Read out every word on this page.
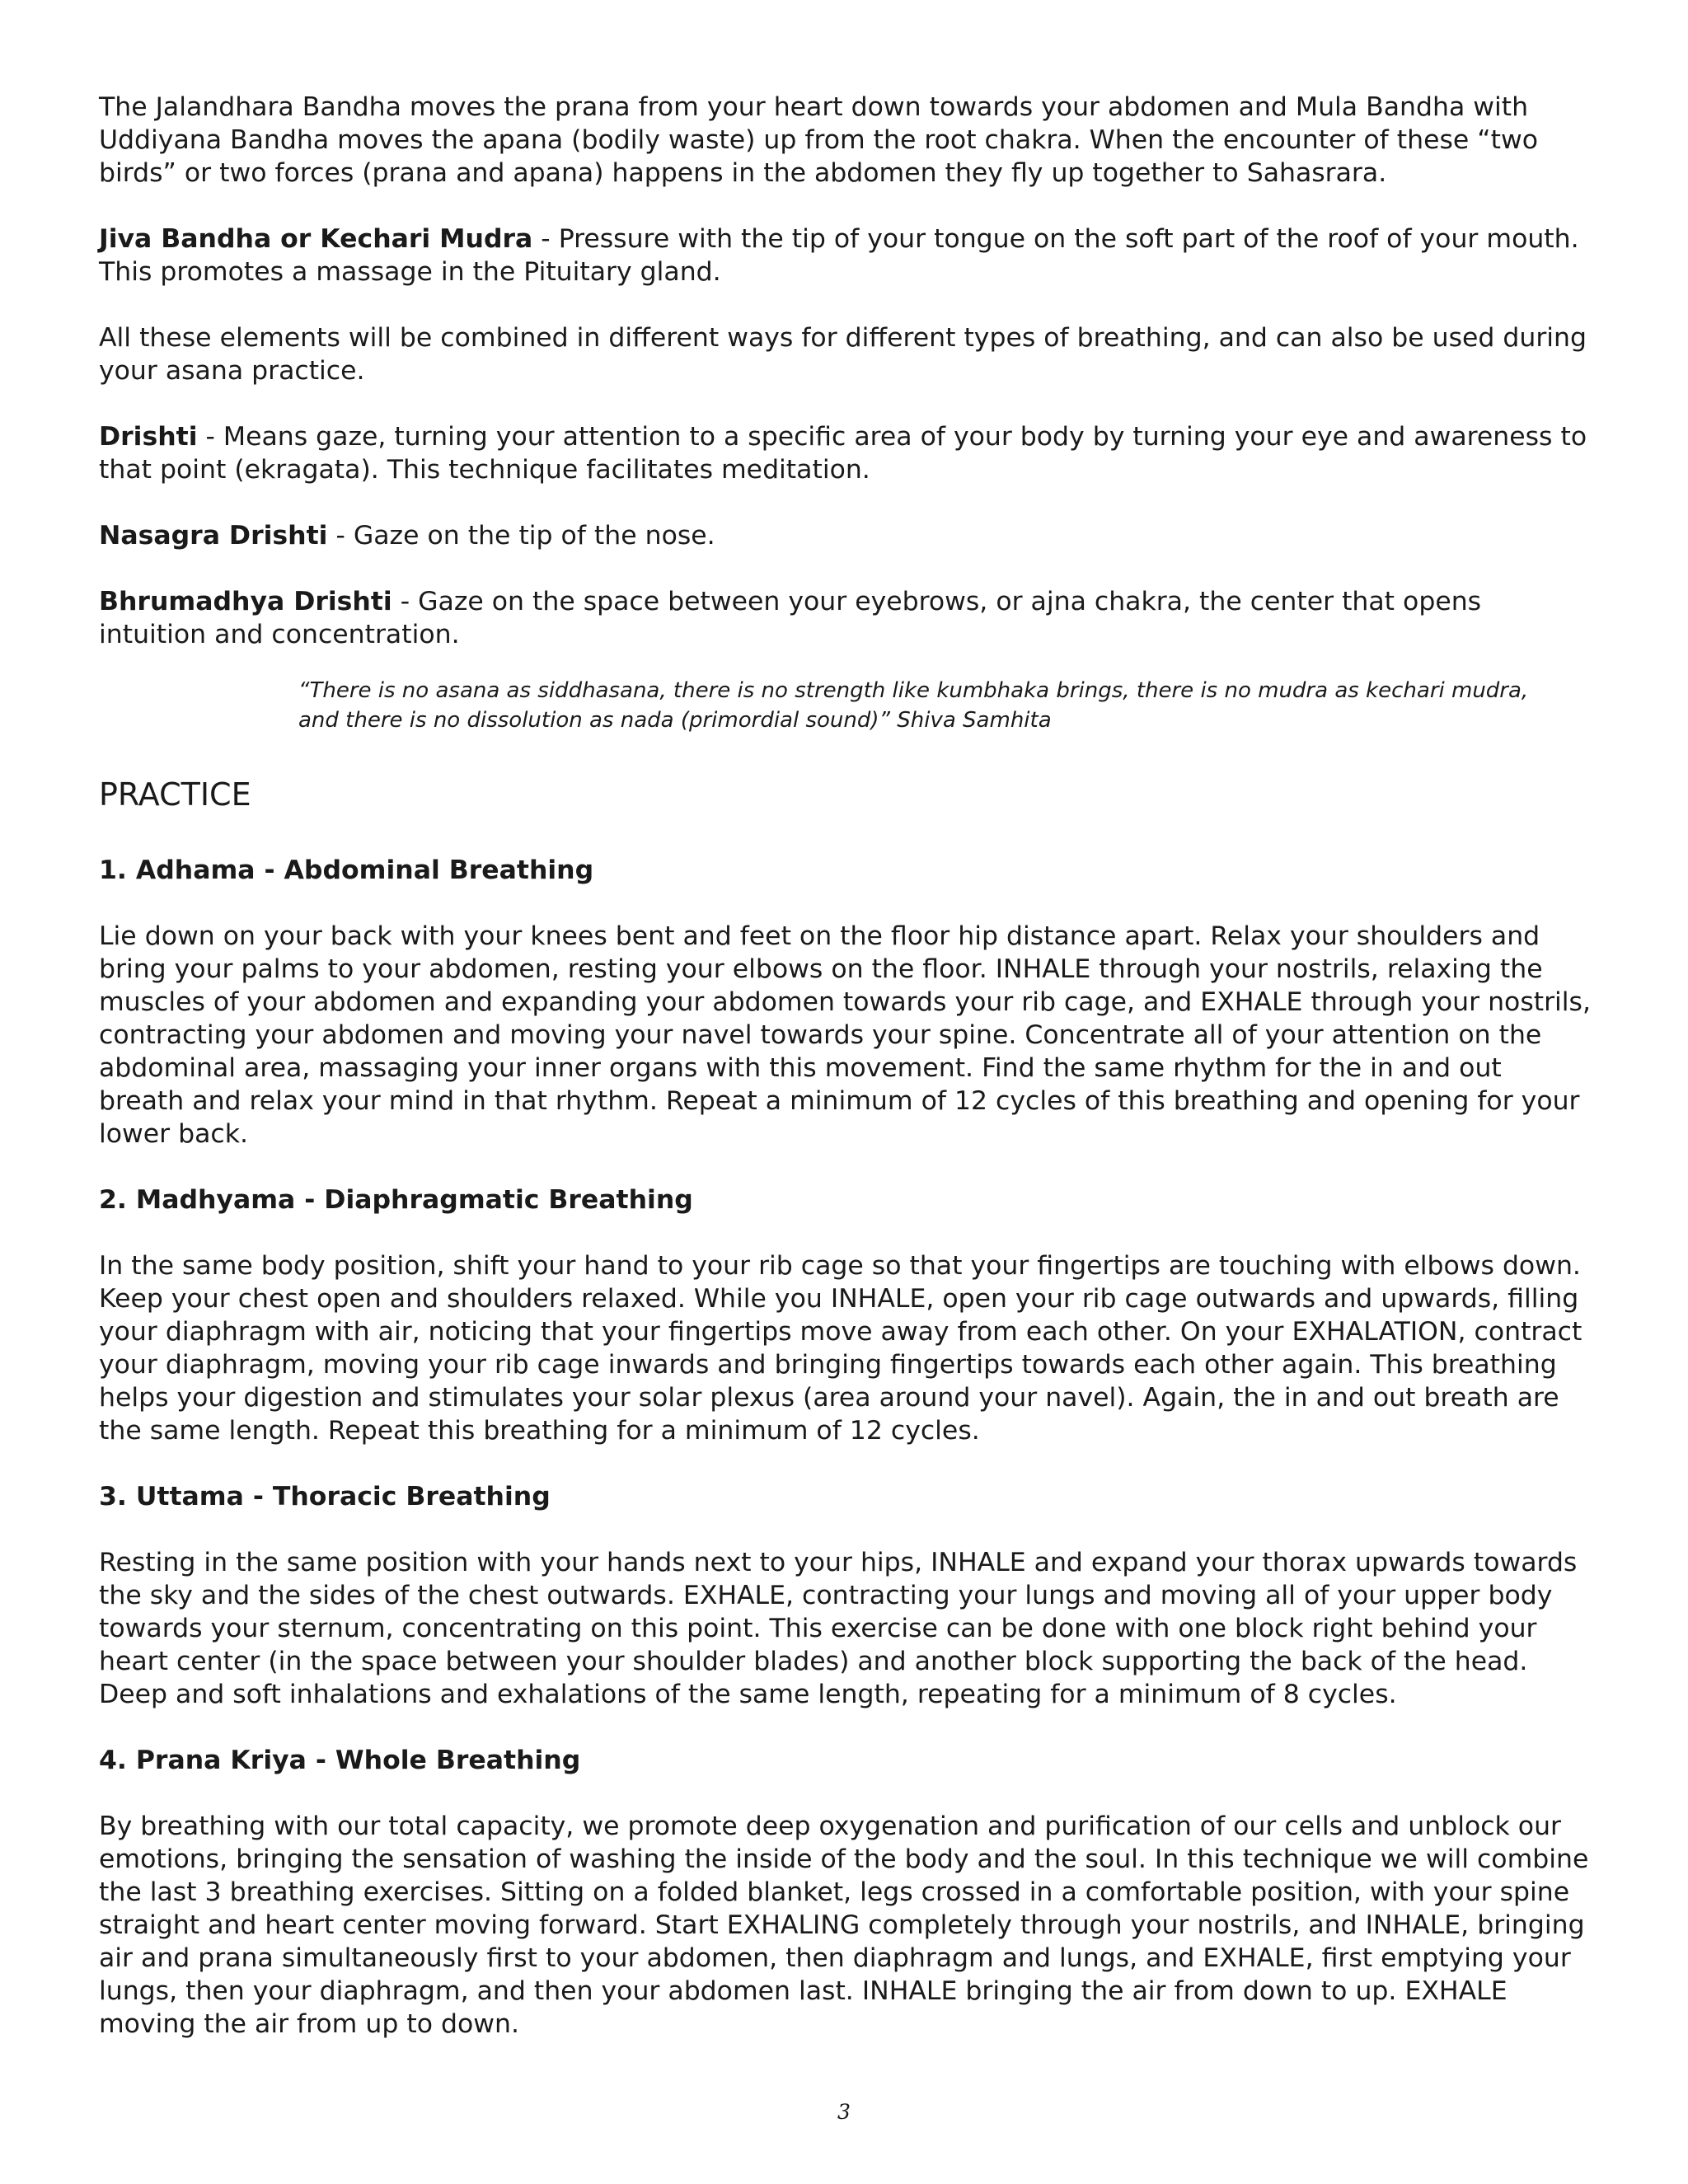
The Jalandhara Bandha moves the prana from your heart down towards your abdomen and Mula Bandha with Uddiyana Bandha moves the apana (bodily waste) up from the root chakra. When the encounter of these “two birds” or two forces (prana and apana) happens in the abdomen they fly up together to Sahasrara.

Jiva Bandha or Kechari Mudra - Pressure with the tip of your tongue on the soft part of the roof of your mouth. This promotes a massage in the Pituitary gland.

All these elements will be combined in different ways for different types of breathing, and can also be used during your asana practice.

Drishti - Means gaze, turning your attention to a specific area of your body by turning your eye and awareness to that point (ekragata). This technique facilitates meditation.

Nasagra Drishti - Gaze on the tip of the nose.

Bhrumadhya Drishti - Gaze on the space between your eyebrows, or ajna chakra, the center that opens intuition and concentration.

“There is no asana as siddhasana, there is no strength like kumbhaka brings, there is no mudra as kechari mudra, and there is no dissolution as nada (primordial sound)” Shiva Samhita

PRACTICE

1. Adhama - Abdominal Breathing

Lie down on your back with your knees bent and feet on the floor hip distance apart. Relax your shoulders and bring your palms to your abdomen, resting your elbows on the floor. INHALE through your nostrils, relaxing the muscles of your abdomen and expanding your abdomen towards your rib cage, and EXHALE through your nostrils, contracting your abdomen and moving your navel towards your spine. Concentrate all of your attention on the abdominal area, massaging your inner organs with this movement. Find the same rhythm for the in and out breath and relax your mind in that rhythm. Repeat a minimum of 12 cycles of this breathing and opening for your lower back.

2. Madhyama - Diaphragmatic Breathing

In the same body position, shift your hand to your rib cage so that your fingertips are touching with elbows down. Keep your chest open and shoulders relaxed. While you INHALE, open your rib cage outwards and upwards, filling your diaphragm with air, noticing that your fingertips move away from each other. On your EXHALATION, contract your diaphragm, moving your rib cage inwards and bringing fingertips towards each other again. This breathing helps your digestion and stimulates your solar plexus (area around your navel). Again, the in and out breath are the same length. Repeat this breathing for a minimum of 12 cycles.

3. Uttama - Thoracic Breathing

Resting in the same position with your hands next to your hips, INHALE and expand your thorax upwards towards the sky and the sides of the chest outwards. EXHALE, contracting your lungs and moving all of your upper body towards your sternum, concentrating on this point. This exercise can be done with one block right behind your heart center (in the space between your shoulder blades) and another block supporting the back of the head. Deep and soft inhalations and exhalations of the same length, repeating for a minimum of 8 cycles.

4. Prana Kriya - Whole Breathing

By breathing with our total capacity, we promote deep oxygenation and purification of our cells and unblock our emotions, bringing the sensation of washing the inside of the body and the soul. In this technique we will combine the last 3 breathing exercises. Sitting on a folded blanket, legs crossed in a comfortable position, with your spine straight and heart center moving forward. Start EXHALING completely through your nostrils, and INHALE, bringing air and prana simultaneously first to your abdomen, then diaphragm and lungs, and EXHALE, first emptying your lungs, then your diaphragm, and then your abdomen last. INHALE bringing the air from down to up. EXHALE moving the air from up to down.

3
